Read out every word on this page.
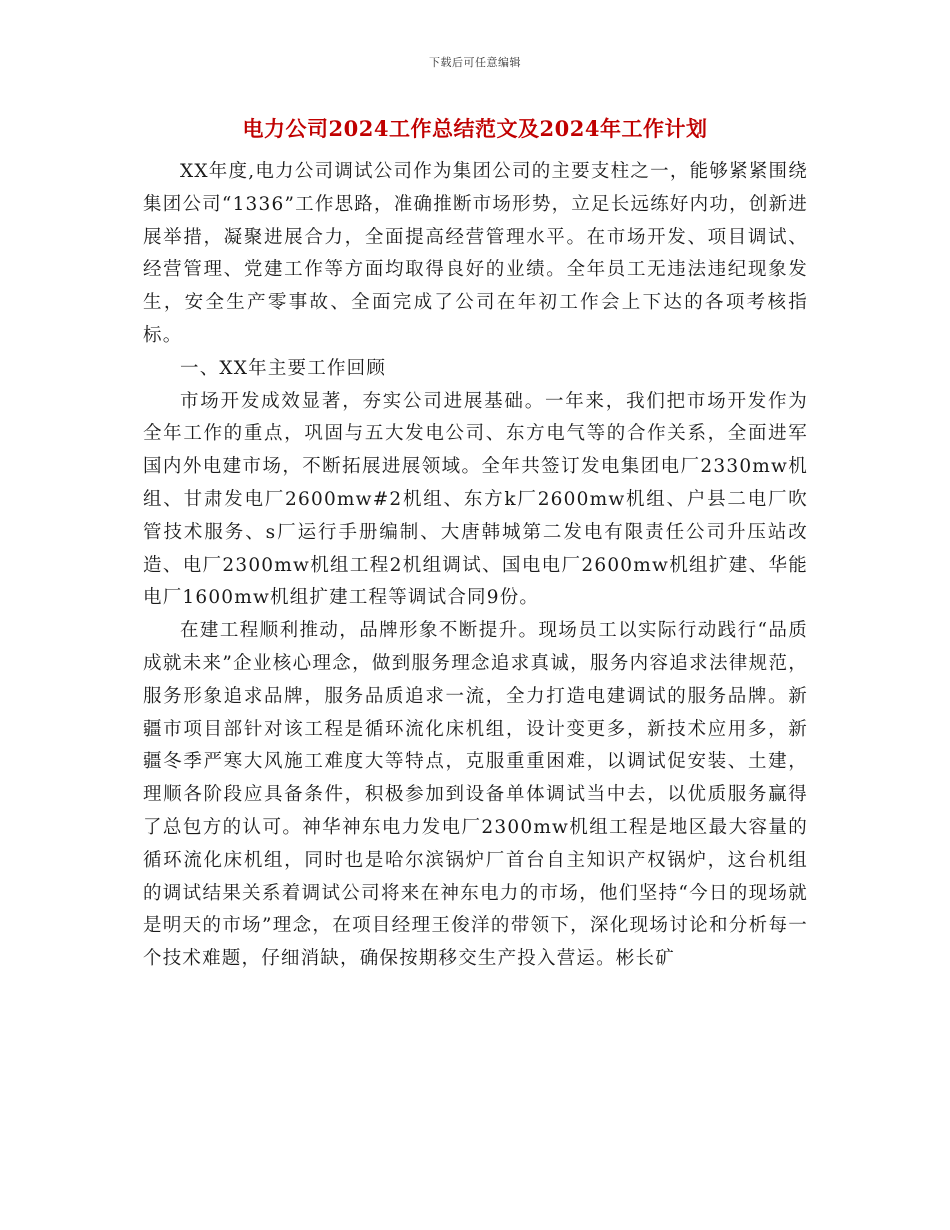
下载后可任意编辑
电力公司2024工作总结范文及2024年工作计划

XX年度,电力公司调试公司作为集团公司的主要支柱之一，能够紧紧围绕集团公司“1336”工作思路，准确推断市场形势，立足长远练好内功，创新进展举措，凝聚进展合力，全面提高经营管理水平。在市场开发、项目调试、经营管理、党建工作等方面均取得良好的业绩。全年员工无违法违纪现象发生，安全生产零事故、全面完成了公司在年初工作会上下达的各项考核指标。

一、XX年主要工作回顾

市场开发成效显著，夯实公司进展基础。一年来，我们把市场开发作为全年工作的重点，巩固与五大发电公司、东方电气等的合作关系，全面进军国内外电建市场，不断拓展进展领域。全年共签订发电集团电厂2330mw机组、甘肃发电厂2600mw#2机组、东方k厂2600mw机组、户县二电厂吹管技术服务、s厂运行手册编制、大唐韩城第二发电有限责任公司升压站改造、电厂2300mw机组工程2机组调试、国电电厂2600mw机组扩建、华能电厂1600mw机组扩建工程等调试合同9份。

在建工程顺利推动，品牌形象不断提升。现场员工以实际行动践行“品质成就未来”企业核心理念，做到服务理念追求真诚，服务内容追求法律规范，服务形象追求品牌，服务品质追求一流，全力打造电建调试的服务品牌。新疆市项目部针对该工程是循环流化床机组，设计变更多，新技术应用多，新疆冬季严寒大风施工难度大等特点，克服重重困难，以调试促安装、土建，理顺各阶段应具备条件，积极参加到设备单体调试当中去，以优质服务赢得了总包方的认可。神华神东电力发电厂2300mw机组工程是地区最大容量的循环流化床机组，同时也是哈尔滨锅炉厂首台自主知识产权锅炉，这台机组的调试结果关系着调试公司将来在神东电力的市场，他们坚持“今日的现场就是明天的市场”理念，在项目经理王俊洋的带领下，深化现场讨论和分析每一个技术难题，仔细消缺，确保按期移交生产投入营运。彬长矿
